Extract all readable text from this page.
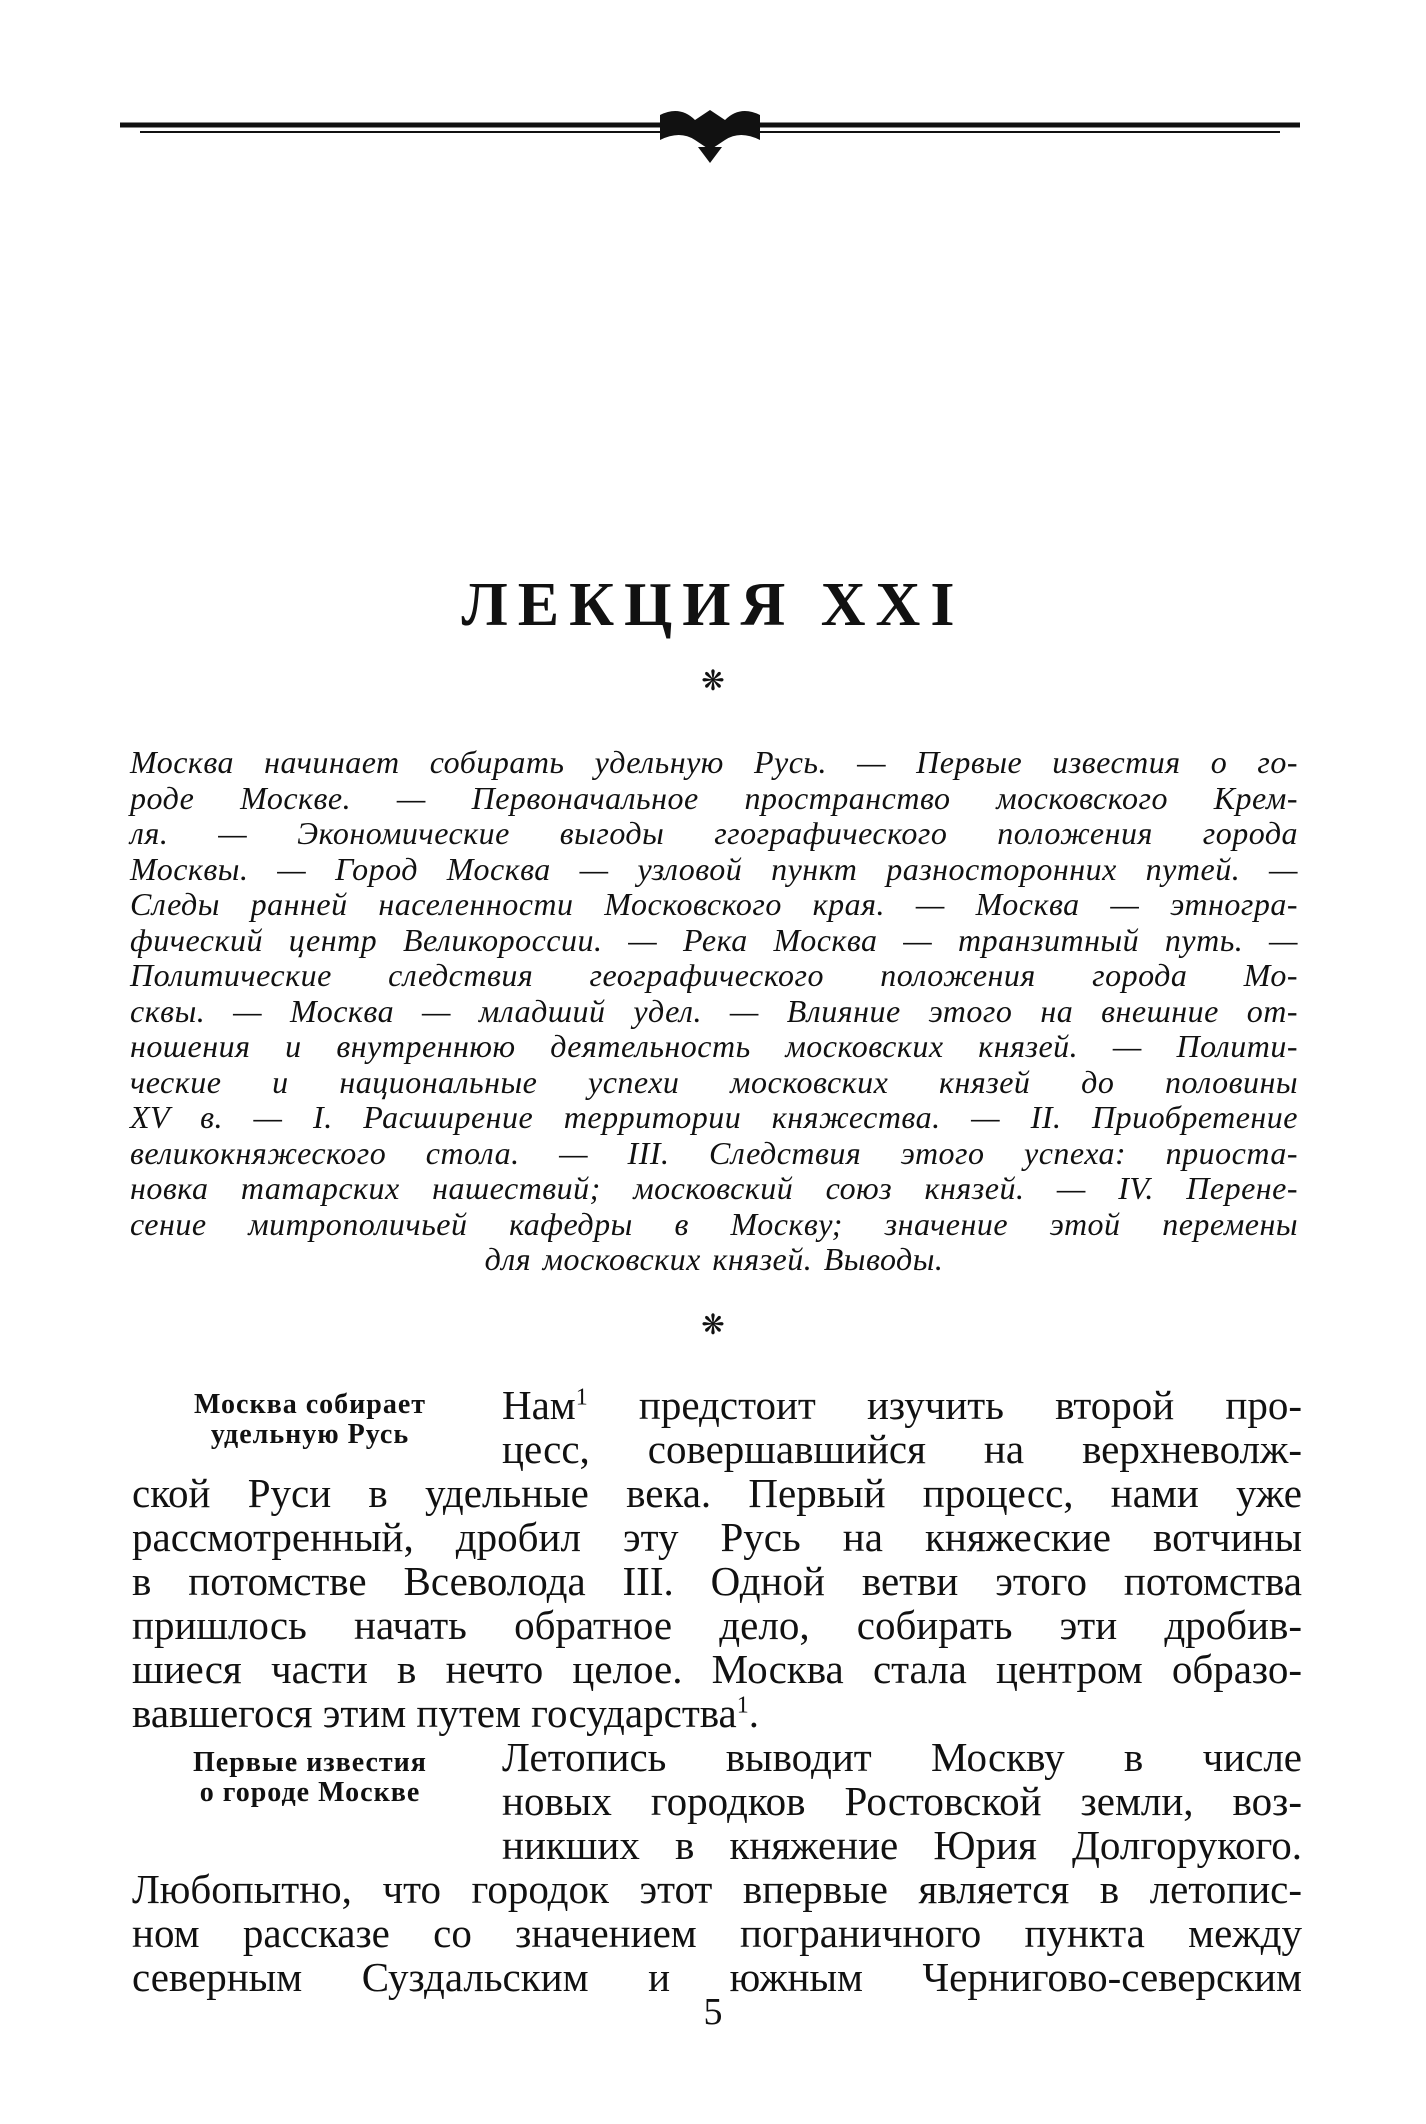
ЛЕКЦИЯ XXI
❋
Москва начинает собирать удельную Русь. — Первые известия о го-
роде Москве. — Первоначальное пространство московского Крем-
ля. — Экономические выгоды ггографического положения города
Москвы. — Город Москва — узловой пункт разносторонних путей. —
Следы ранней населенности Московского края. — Москва — этногра-
фический центр Великороссии. — Река Москва — транзитный путь. —
Политические следствия географического положения города Мо-
сквы. — Москва — младший удел. — Влияние этого на внешние от-
ношения и внутреннюю деятельность московских князей. — Полити-
ческие и национальные успехи московских князей до половины
XV в. — I. Расширение территории княжества. — II. Приобретение
великокняжеского стола. — III. Следствия этого успеха: приоста-
новка татарских нашествий; московский союз князей. — IV. Перене-
сение митрополичьей кафедры в Москву; значение этой перемены
для московских князей. Выводы.
❋
Москва собирает
удельную Русь
Первые известия
о городе Москве
Нам$^1$ предстоит изучить второй про-
цесс, совершавшийся на верхневолж-
ской Руси в удельные века. Первый процесс, нами уже
рассмотренный, дробил эту Русь на княжеские вотчины
в потомстве Всеволода III. Одной ветви этого потомства
пришлось начать обратное дело, собирать эти дробив-
шиеся части в нечто целое. Москва стала центром образо-
вавшегося этим путем государства$^1$.
Летопись выводит Москву в числе
новых городков Ростовской земли, воз-
никших в княжение Юрия Долгорукого.
Любопытно, что городок этот впервые является в летопис-
ном рассказе со значением пограничного пункта между
северным Суздальским и южным Чернигово-северским
5
